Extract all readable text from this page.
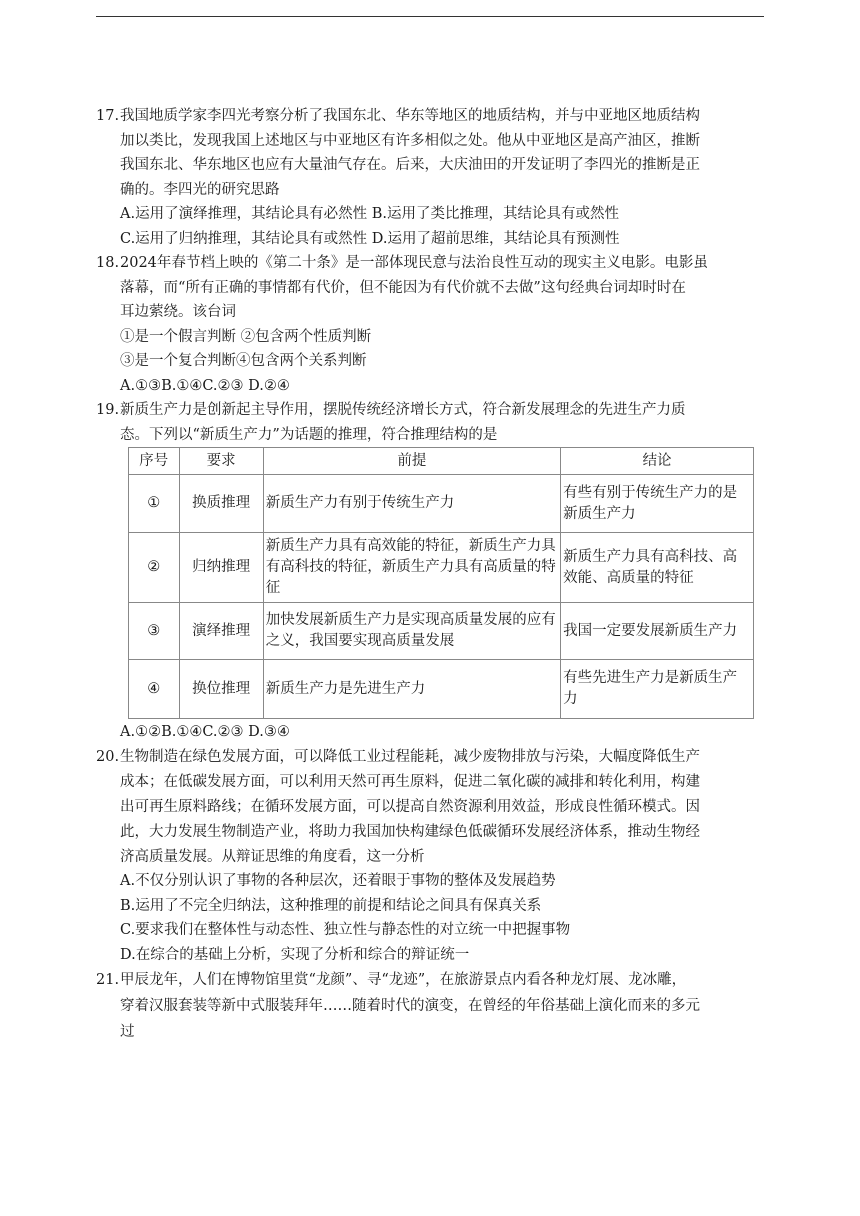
17. 我国地质学家李四光考察分析了我国东北、华东等地区的地质结构，并与中亚地区地质结构
加以类比，发现我国上述地区与中亚地区有许多相似之处。他从中亚地区是高产油区，推断
我国东北、华东地区也应有大量油气存在。后来，大庆油田的开发证明了李四光的推断是正
确的。李四光的研究思路
A.运用了演绎推理，其结论具有必然性 B.运用了类比推理，其结论具有或然性
C.运用了归纳推理，其结论具有或然性 D.运用了超前思维，其结论具有预测性
18. 2024年春节档上映的《第二十条》是一部体现民意与法治良性互动的现实主义电影。电影虽
落幕，而“所有正确的事情都有代价，但不能因为有代价就不去做”这句经典台词却时时在
耳边萦绕。该台词
①是一个假言判断 ②包含两个性质判断
③是一个复合判断④包含两个关系判断
A.①③B.①④C.②③ D.②④
19. 新质生产力是创新起主导作用，摆脱传统经济增长方式，符合新发展理念的先进生产力质
态。下列以“新质生产力”为话题的推理，符合推理结构的是
序号	要求	前提	结论
①	换质推理	新质生产力有别于传统生产力	有些有别于传统生产力的是新质生产力
②	归纳推理	新质生产力具有高效能的特征，新质生产力具有高科技的特征，新质生产力具有高质量的特征	新质生产力具有高科技、高效能、高质量的特征
③	演绎推理	加快发展新质生产力是实现高质量发展的应有之义，我国要实现高质量发展	我国一定要发展新质生产力
④	换位推理	新质生产力是先进生产力	有些先进生产力是新质生产力
A.①②B.①④C.②③ D.③④
20. 生物制造在绿色发展方面，可以降低工业过程能耗，减少废物排放与污染，大幅度降低生产
成本；在低碳发展方面，可以利用天然可再生原料，促进二氧化碳的减排和转化利用，构建
出可再生原料路线；在循环发展方面，可以提高自然资源利用效益，形成良性循环模式。因
此，大力发展生物制造产业，将助力我国加快构建绿色低碳循环发展经济体系，推动生物经
济高质量发展。从辩证思维的角度看，这一分析
A.不仅分别认识了事物的各种层次，还着眼于事物的整体及发展趋势
B.运用了不完全归纳法，这种推理的前提和结论之间具有保真关系
C.要求我们在整体性与动态性、独立性与静态性的对立统一中把握事物
D.在综合的基础上分析，实现了分析和综合的辩证统一
21. 甲辰龙年，人们在博物馆里赏“龙颜”、寻“龙迹”，在旅游景点内看各种龙灯展、龙冰雕，
穿着汉服套装等新中式服装拜年……随着时代的演变，在曾经的年俗基础上演化而来的多元
过
